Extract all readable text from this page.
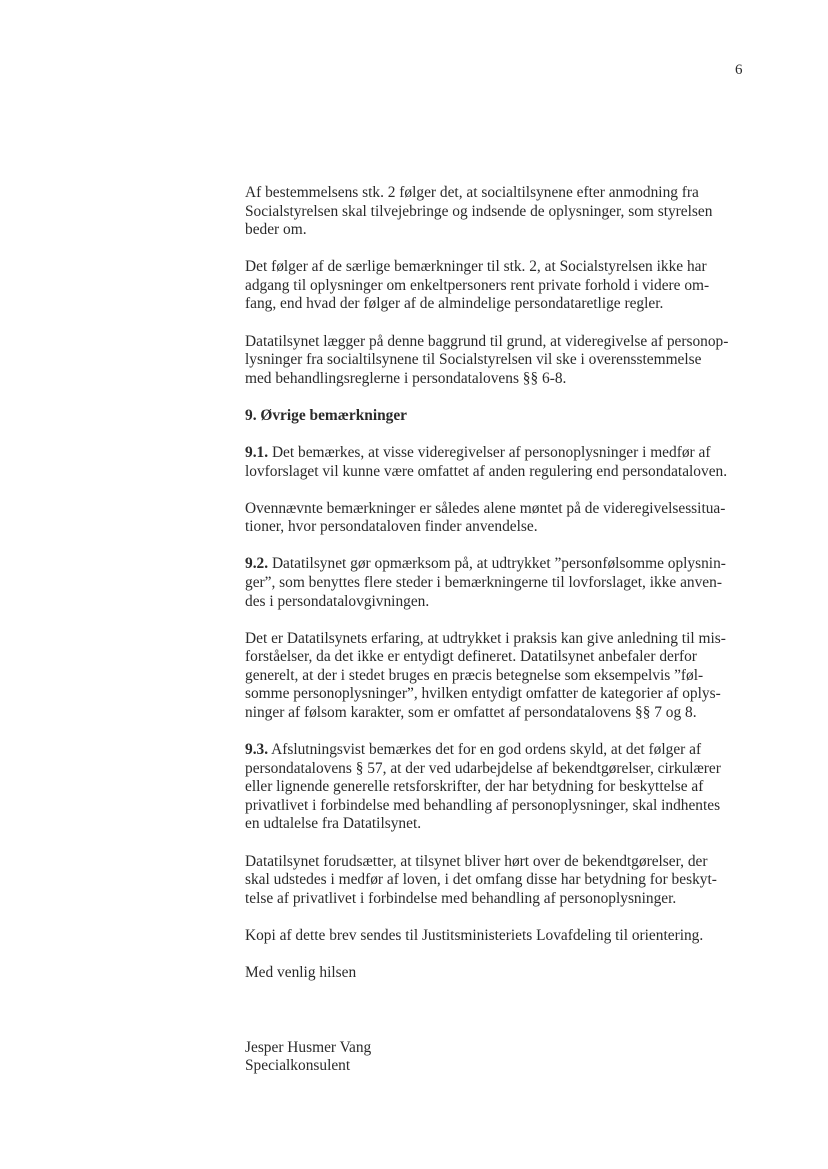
6

Af bestemmelsens stk. 2 følger det, at socialtilsynene efter anmodning fra
Socialstyrelsen skal tilvejebringe og indsende de oplysninger, som styrelsen
beder om.

Det følger af de særlige bemærkninger til stk. 2, at Socialstyrelsen ikke har
adgang til oplysninger om enkeltpersoners rent private forhold i videre om-
fang, end hvad der følger af de almindelige persondataretlige regler.

Datatilsynet lægger på denne baggrund til grund, at videregivelse af personop-
lysninger fra socialtilsynene til Socialstyrelsen vil ske i overensstemmelse
med behandlingsreglerne i persondatalovens §§ 6-8.

9. Øvrige bemærkninger

9.1. Det bemærkes, at visse videregivelser af personoplysninger i medfør af
lovforslaget vil kunne være omfattet af anden regulering end persondataloven.

Ovennævnte bemærkninger er således alene møntet på de videregivelsessitua-
tioner, hvor persondataloven finder anvendelse.

9.2. Datatilsynet gør opmærksom på, at udtrykket ”personfølsomme oplysnin-
ger”, som benyttes flere steder i bemærkningerne til lovforslaget, ikke anven-
des i persondatalovgivningen.

Det er Datatilsynets erfaring, at udtrykket i praksis kan give anledning til mis-
forståelser, da det ikke er entydigt defineret. Datatilsynet anbefaler derfor
generelt, at der i stedet bruges en præcis betegnelse som eksempelvis ”føl-
somme personoplysninger”, hvilken entydigt omfatter de kategorier af oplys-
ninger af følsom karakter, som er omfattet af persondatalovens §§ 7 og 8.

9.3. Afslutningsvist bemærkes det for en god ordens skyld, at det følger af
persondatalovens § 57, at der ved udarbejdelse af bekendtgørelser, cirkulærer
eller lignende generelle retsforskrifter, der har betydning for beskyttelse af
privatlivet i forbindelse med behandling af personoplysninger, skal indhentes
en udtalelse fra Datatilsynet.

Datatilsynet forudsætter, at tilsynet bliver hørt over de bekendtgørelser, der
skal udstedes i medfør af loven, i det omfang disse har betydning for beskyt-
telse af privatlivet i forbindelse med behandling af personoplysninger.

Kopi af dette brev sendes til Justitsministeriets Lovafdeling til orientering.

Med venlig hilsen

Jesper Husmer Vang
Specialkonsulent
